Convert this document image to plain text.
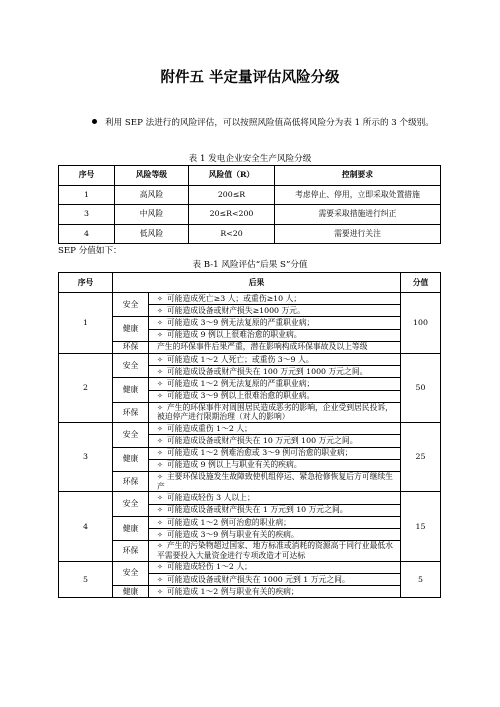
附件五 半定量评估风险分级
利用 SEP 法进行的风险评估，可以按照风险值高低将风险分为表 1 所示的 3 个级别。
表 1 发电企业安全生产风险分级
序号	风险等级	风险值（R）	控制要求
1	高风险	200≤R	考虑停止、停用，立即采取处置措施
3	中风险	20≤R<200	需要采取措施进行纠正
4	低风险	R<20	需要进行关注
SEP 分值如下：
表 B-1 风险评估“后果 S”分值
序号	后果		分值
1	安全	✧ 可能造成死亡≥3 人；或重伤≥10 人；	100
		✧ 可能造成设备或财产损失≥1000 万元。	
	健康	✧ 可能造成 3～9 例无法复原的严重职业病；	
		✧ 可能造成 9 例以上很难治愈的职业病。	
	环保	产生的环保事件后果严重，潜在影响构成环保事故及以上等级	
2	安全	✧ 可能造成 1～2 人死亡；或重伤 3～9 人。	50
		✧ 可能造成设备或财产损失在 100 万元到 1000 万元之间。	
	健康	✧ 可能造成 1～2 例无法复原的严重职业病；	
		✧ 可能造成 3～9 例以上很难治愈的职业病。	
	环保	✧ 产生的环保事件对周围居民造成恶劣的影响，企业受到居民投诉，被迫停产进行限期治理（对人的影响）	
3	安全	✧ 可能造成重伤 1～2 人；	25
		✧ 可能造成设备或财产损失在 10 万元到 100 万元之间。	
	健康	✧ 可能造成 1～2 例难治愈或 3～9 例可治愈的职业病；	
		✧ 可能造成 9 例以上与职业有关的疾病。	
	环保	✧ 主要环保设施发生故障致使机组停运、紧急抢修恢复后方可继续生产	
4	安全	✧ 可能造成轻伤 3 人以上；	15
		✧ 可能造成设备或财产损失在 1 万元到 10 万元之间。	
	健康	✧ 可能造成 1～2 例可治愈的职业病；	
		✧ 可能造成 3～9 例与职业有关的疾病。	
	环保	✧ 产生的污染物超过国家、地方标准或消耗的资源高于同行业最低水平需要投入大量资金进行专项改造才可达标	
5	安全	✧ 可能造成轻伤 1～2 人；	5
		✧ 可能造成设备或财产损失在 1000 元到 1 万元之间。	
	健康	✧ 可能造成 1～2 例与职业有关的疾病；	
